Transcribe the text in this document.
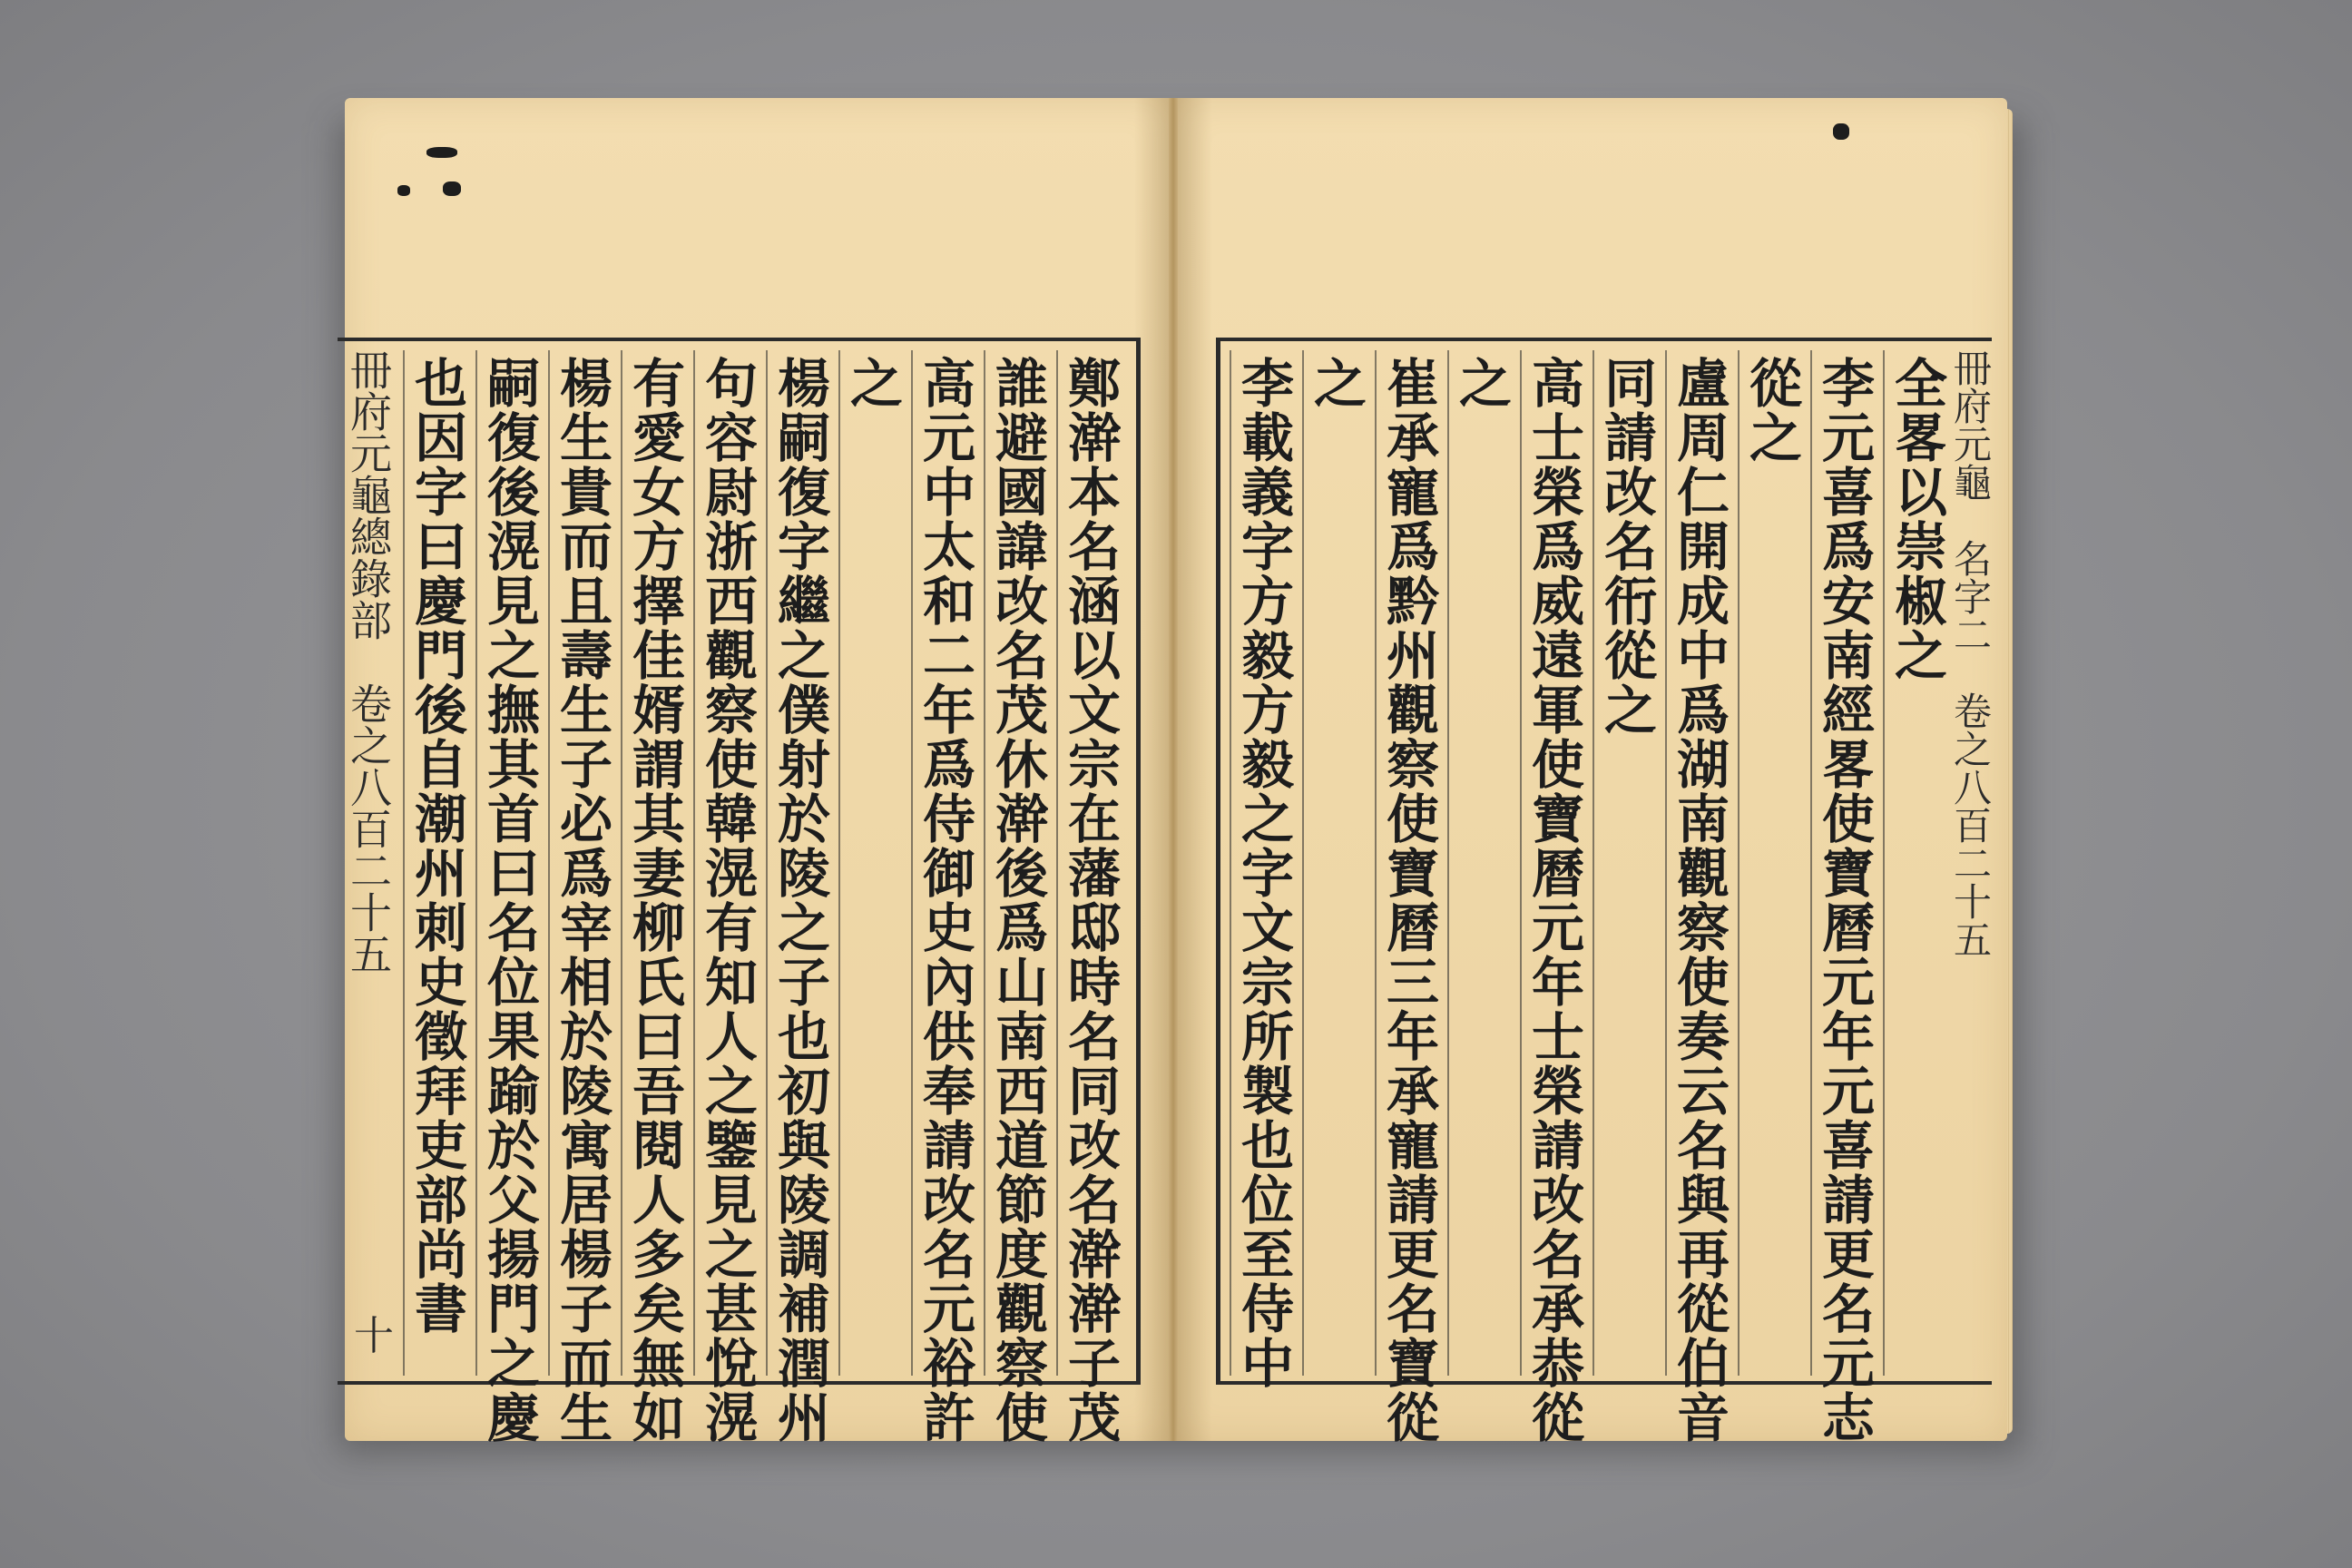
冊府元龜總錄部　卷之八百二十五
十
也因字曰慶門後自潮州刺史徵拜吏部尚書 嗣復後滉見之撫其首曰名位果踰於父揚門之慶 楊生貴而且壽生子必爲宰相於陵寓居楊子而生 有愛女方擇佳婿謂其妻柳氏曰吾閱人多矣無如 句容尉浙西觀察使韓滉有知人之鑒見之甚悅滉 楊嗣復字繼之僕射於陵之子也初與陵調補潤州 之 高元中太和二年爲侍御史內供奉請改名元裕許 誰避國諱改名茂休澣後爲山南西道節度觀察使 鄭澣本名涵以文宗在藩邸時名同改名澣澣子茂 李載義字方毅方毅之字文宗所製也位至侍中 之 崔承寵爲黔州觀察使寶曆三年承寵請更名寶從 之 高士榮爲威遠軍使寶曆元年士榮請改名承恭從 同請改名衎從之 盧周仁開成中爲湖南觀察使奏云名與再從伯音 從之 李元喜爲安南經畧使寶曆元年元喜請更名元志 全畧以崇椒之 冊府元龜　名字二　卷之八百二十五
